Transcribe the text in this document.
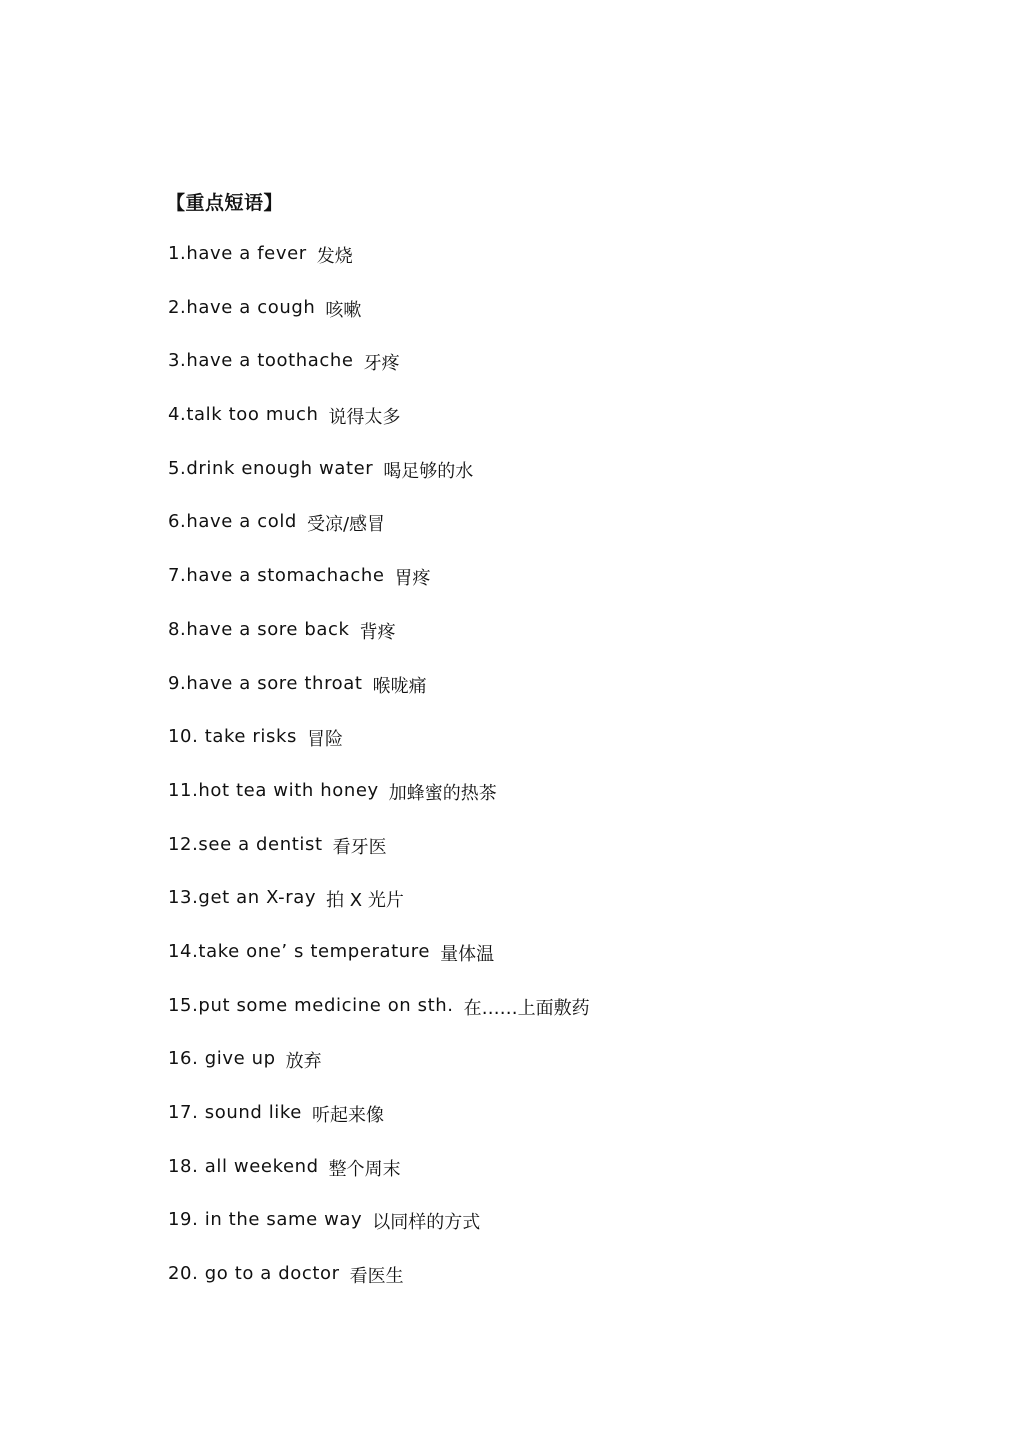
【重点短语】
1.have a fever 发烧
2.have a cough 咳嗽
3.have a toothache 牙疼
4.talk too much 说得太多
5.drink enough water 喝足够的水
6.have a cold 受凉/感冒
7.have a stomachache 胃疼
8.have a sore back 背疼
9.have a sore throat 喉咙痛
10. take risks 冒险
11.hot tea with honey 加蜂蜜的热茶
12.see a dentist 看牙医
13.get an X-ray 拍 X 光片
14.take one’ s temperature 量体温
15.put some medicine on sth. 在……上面敷药
16. give up 放弃
17. sound like 听起来像
18. all weekend 整个周末
19. in the same way 以同样的方式
20. go to a doctor 看医生
